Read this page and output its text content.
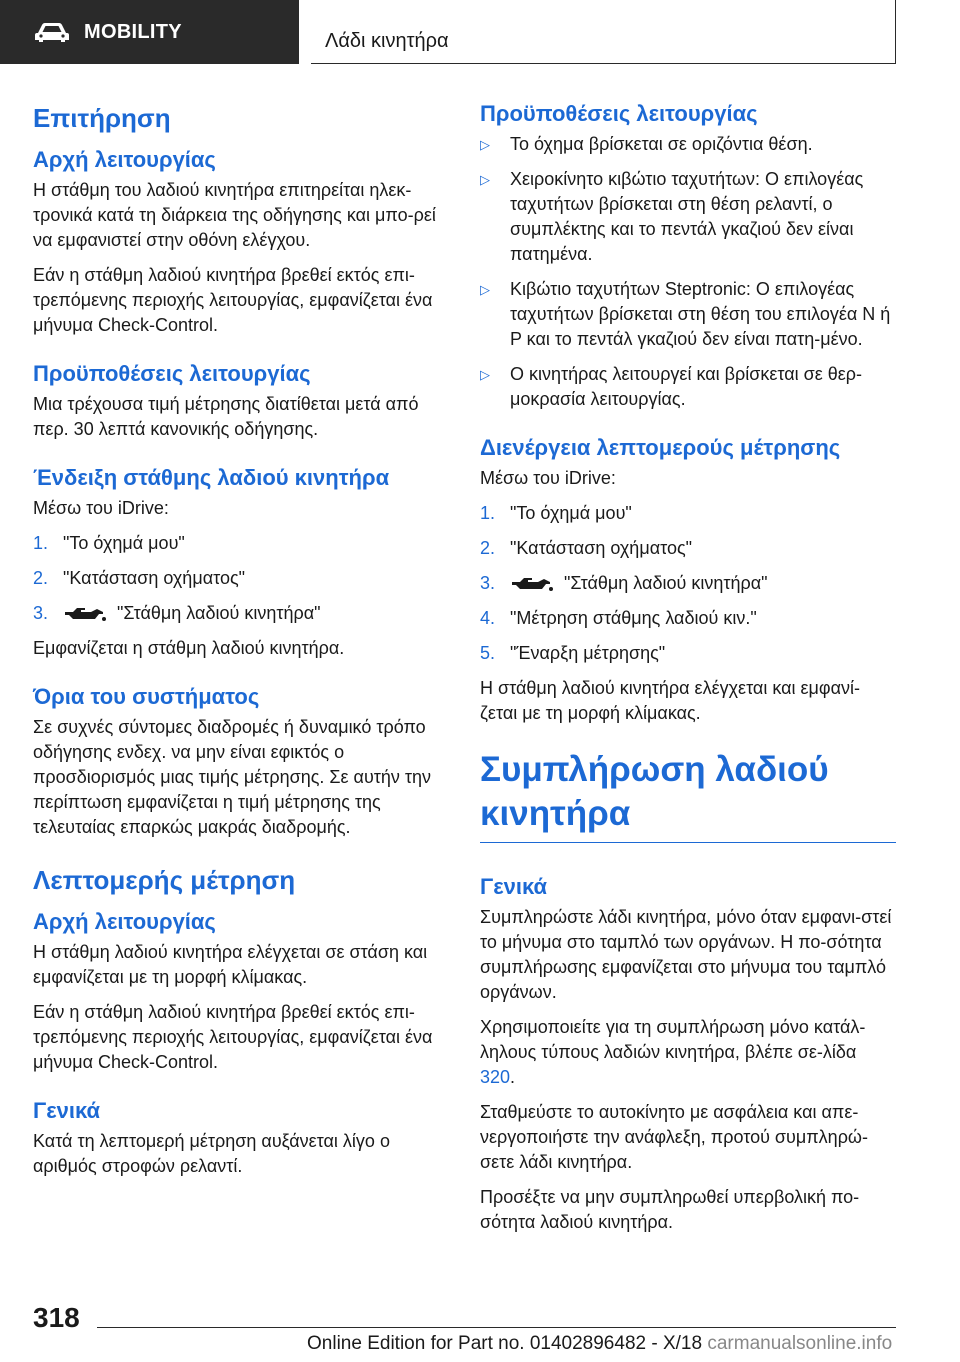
MOBILITY	Λάδι κινητήρα
Επιτήρηση
Αρχή λειτουργίας

Η στάθμη του λαδιού κινητήρα επιτηρείται ηλεκ-τρονικά κατά τη διάρκεια της οδήγησης και μπο-ρεί να εμφανιστεί στην οθόνη ελέγχου.

Εάν η στάθμη λαδιού κινητήρα βρεθεί εκτός επι-τρεπόμενης περιοχής λειτουργίας, εμφανίζεται ένα μήνυμα Check-Control.

Προϋποθέσεις λειτουργίας

Μια τρέχουσα τιμή μέτρησης διατίθεται μετά από περ. 30 λεπτά κανονικής οδήγησης.

Ένδειξη στάθμης λαδιού κινητήρα

Μέσω του iDrive:

1. "Το όχημά μου"
2. "Κατάσταση οχήματος"
3.	"Στάθμη λαδιού κινητήρα"

Εμφανίζεται η στάθμη λαδιού κινητήρα.

Όρια του συστήματος

Σε συχνές σύντομες διαδρομές ή δυναμικό τρόπο οδήγησης ενδεχ. να μην είναι εφικτός ο προσδιορισμός μιας τιμής μέτρησης. Σε αυτήν την περίπτωση εμφανίζεται η τιμή μέτρησης της τελευταίας επαρκώς μακράς διαδρομής.

Λεπτομερής μέτρηση
Αρχή λειτουργίας

Η στάθμη λαδιού κινητήρα ελέγχεται σε στάση και εμφανίζεται με τη μορφή κλίμακας.

Εάν η στάθμη λαδιού κινητήρα βρεθεί εκτός επι-τρεπόμενης περιοχής λειτουργίας, εμφανίζεται ένα μήνυμα Check-Control.

Γενικά

Κατά τη λεπτομερή μέτρηση αυξάνεται λίγο ο αριθμός στροφών ρελαντί.

Προϋποθέσεις λειτουργίας
▷	Το όχημα βρίσκεται σε οριζόντια θέση.
▷	Χειροκίνητο κιβώτιο ταχυτήτων: Ο επιλογέας ταχυτήτων βρίσκεται στη θέση ρελαντί, ο συμπλέκτης και το πεντάλ γκαζιού δεν είναι πατημένα.
▷	Κιβώτιο ταχυτήτων Steptronic: Ο επιλογέας ταχυτήτων βρίσκεται στη θέση του επιλογέα N ή P και το πεντάλ γκαζιού δεν είναι πατη-μένο.
▷	Ο κινητήρας λειτουργεί και βρίσκεται σε θερ-μοκρασία λειτουργίας.
Διενέργεια λεπτομερούς μέτρησης

Μέσω του iDrive:

1. "Το όχημά μου"
2. "Κατάσταση οχήματος"
3.	"Στάθμη λαδιού κινητήρα"
4. "Μέτρηση στάθμης λαδιού κιν."
5. "Έναρξη μέτρησης"

Η στάθμη λαδιού κινητήρα ελέγχεται και εμφανί-ζεται με τη μορφή κλίμακας.

Συμπλήρωση λαδιού κινητήρα
Γενικά

Συμπληρώστε λάδι κινητήρα, μόνο όταν εμφανι-στεί το μήνυμα στο ταμπλό των οργάνων. Η πο-σότητα συμπλήρωσης εμφανίζεται στο μήνυμα του ταμπλό οργάνων.

Χρησιμοποιείτε για τη συμπλήρωση μόνο κατάλ-ληλους τύπους λαδιών κινητήρα, βλέπε σε-λίδα 320.

Σταθμεύστε το αυτοκίνητο με ασφάλεια και απε-νεργοποιήστε την ανάφλεξη, προτού συμπληρώ-σετε λάδι κινητήρα.

Προσέξτε να μην συμπληρωθεί υπερβολική πο-σότητα λαδιού κινητήρα.

318
Online Edition for Part no. 01402896482 - X/18 carmanualsonline.info
